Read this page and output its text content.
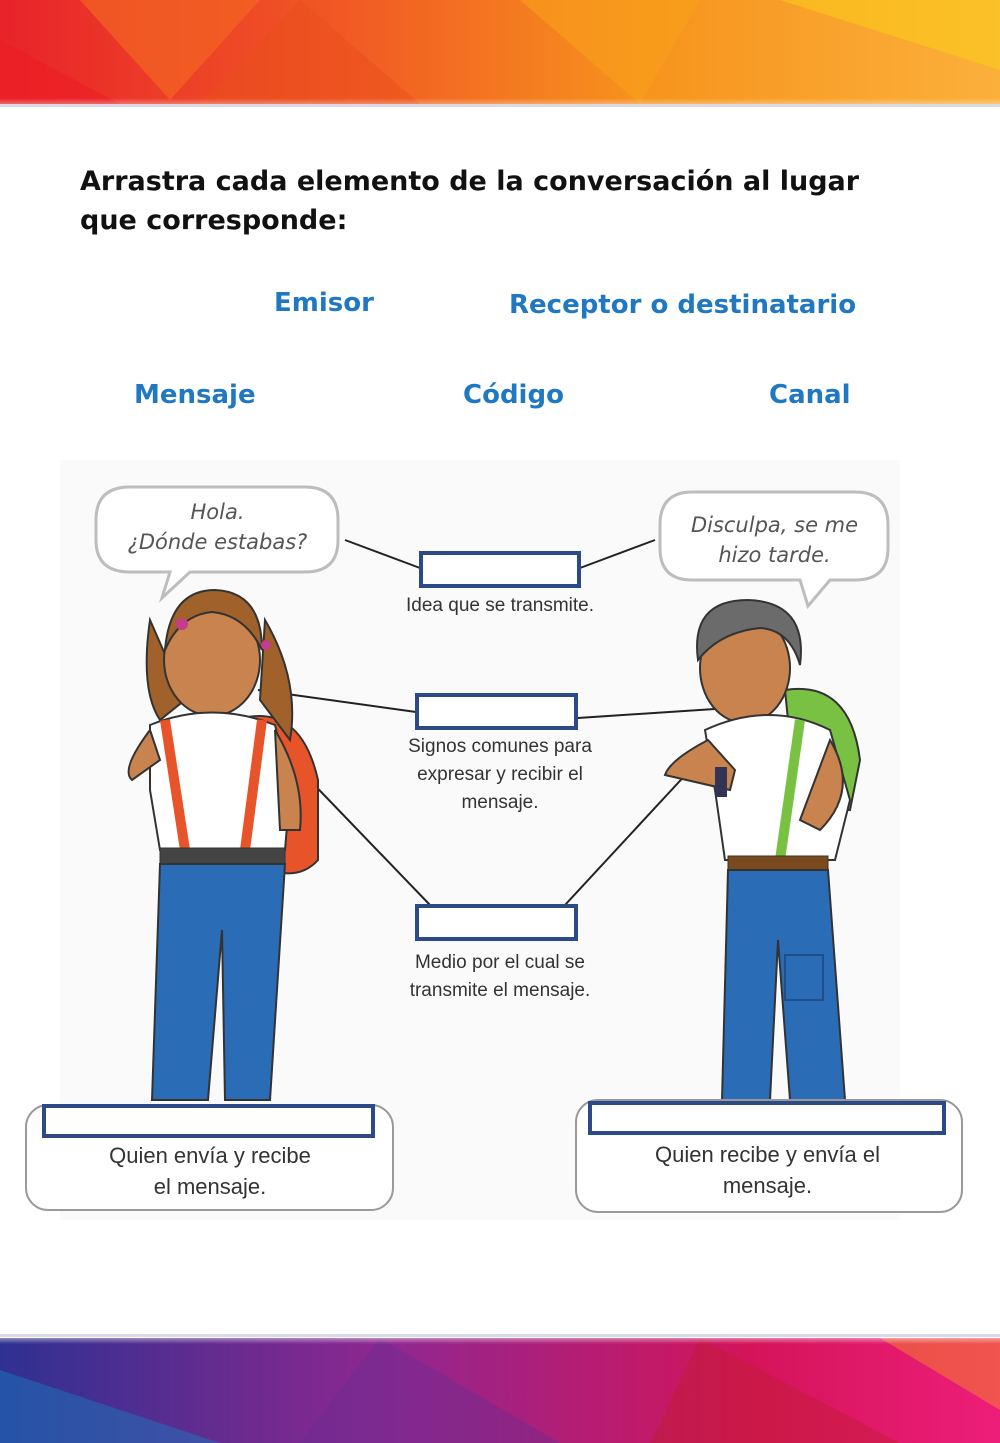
Arrastra cada elemento de la conversación al lugar que corresponde:
Emisor	Receptor o destinatario
Mensaje	Código	Canal
Hola.
¿Dónde estabas?
Disculpa, se me
hizo tarde.
Idea que se transmite.
Signos comunes para
expresar y recibir el
mensaje.
Medio por el cual se
transmite el mensaje.
Quien envía y recibe
el mensaje.
Quien recibe y envía el
mensaje.
